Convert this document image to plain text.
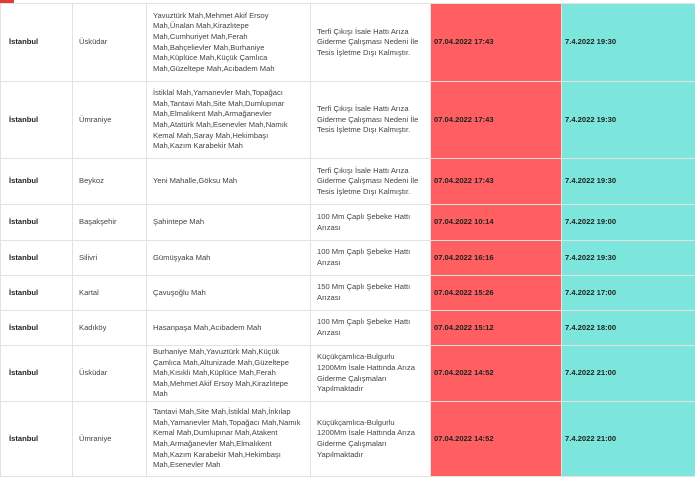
İstanbul	Üsküdar	Yavuztürk Mah,Mehmet Akif Ersoy Mah,Ünalan Mah,Kirazlıtepe Mah,Cumhuriyet Mah,Ferah Mah,Bahçelievler Mah,Burhaniye Mah,Küplüce Mah,Küçük Çamlıca Mah,Güzeltepe Mah,Acıbadem Mah	Terfi Çıkışı İsale Hattı Arıza Giderme Çalışması Nedeni İle Tesis İşletme Dışı Kalmıştır.	07.04.2022 17:43	7.4.2022 19:30
İstanbul	Ümraniye	İstiklal Mah,Yamanevler Mah,Topağacı Mah,Tantavi Mah,Site Mah,Dumlupınar Mah,Elmalıkent Mah,Armağanevler Mah,Atatürk Mah,Esenevler Mah,Namık Kemal Mah,Saray Mah,Hekimbaşı Mah,Kazım Karabekir Mah	Terfi Çıkışı İsale Hattı Arıza Giderme Çalışması Nedeni İle Tesis İşletme Dışı Kalmıştır.	07.04.2022 17:43	7.4.2022 19:30
İstanbul	Beykoz	Yeni Mahalle,Göksu Mah	Terfi Çıkışı İsale Hattı Arıza Giderme Çalışması Nedeni İle Tesis İşletme Dışı Kalmıştır.	07.04.2022 17:43	7.4.2022 19:30
İstanbul	Başakşehir	Şahintepe Mah	100 Mm Çaplı Şebeke Hattı Arızası	07.04.2022 10:14	7.4.2022 19:00
İstanbul	Silivri	Gümüşyaka Mah	100 Mm Çaplı Şebeke Hattı Arızası	07.04.2022 16:16	7.4.2022 19:30
İstanbul	Kartal	Çavuşoğlu Mah	150 Mm Çaplı Şebeke Hattı Arızası	07.04.2022 15:26	7.4.2022 17:00
İstanbul	Kadıköy	Hasanpaşa Mah,Acıbadem Mah	100 Mm Çaplı Şebeke Hattı Arızası	07.04.2022 15:12	7.4.2022 18:00
İstanbul	Üsküdar	Burhaniye Mah,Yavuztürk Mah,Küçük Çamlıca Mah,Altunizade Mah,Güzeltepe Mah,Kısıklı Mah,Küplüce Mah,Ferah Mah,Mehmet Akif Ersoy Mah,Kirazlıtepe Mah	Küçükçamlıca-Bulgurlu 1200Mm İsale Hattında Arıza Giderme Çalışmaları Yapılmaktadır	07.04.2022 14:52	7.4.2022 21:00
İstanbul	Ümraniye	Tantavi Mah,Site Mah,İstiklal Mah,İnkılap Mah,Yamanevler Mah,Topağacı Mah,Namık Kemal Mah,Dumlupınar Mah,Atakent Mah,Armağanevler Mah,Elmalıkent Mah,Kazım Karabekir Mah,Hekimbaşı Mah,Esenevler Mah	Küçükçamlıca-Bulgurlu 1200Mm İsale Hattında Arıza Giderme Çalışmaları Yapılmaktadır	07.04.2022 14:52	7.4.2022 21:00
